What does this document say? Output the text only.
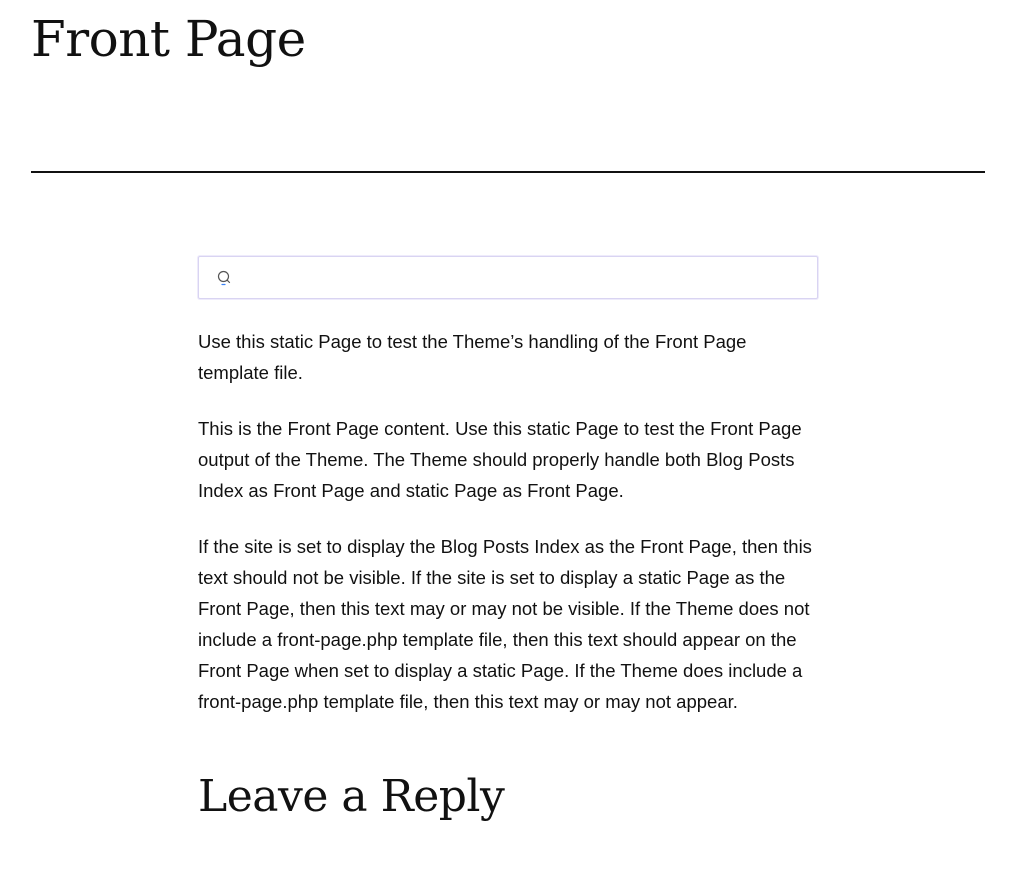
Front Page

Use this static Page to test the Theme’s handling of the Front Page template file.

This is the Front Page content. Use this static Page to test the Front Page output of the Theme. The Theme should properly handle both Blog Posts Index as Front Page and static Page as Front Page.

If the site is set to display the Blog Posts Index as the Front Page, then this text should not be visible. If the site is set to display a static Page as the Front Page, then this text may or may not be visible. If the Theme does not include a front-page.php template file, then this text should appear on the Front Page when set to display a static Page. If the Theme does include a front-page.php template file, then this text may or may not appear.

Leave a Reply
